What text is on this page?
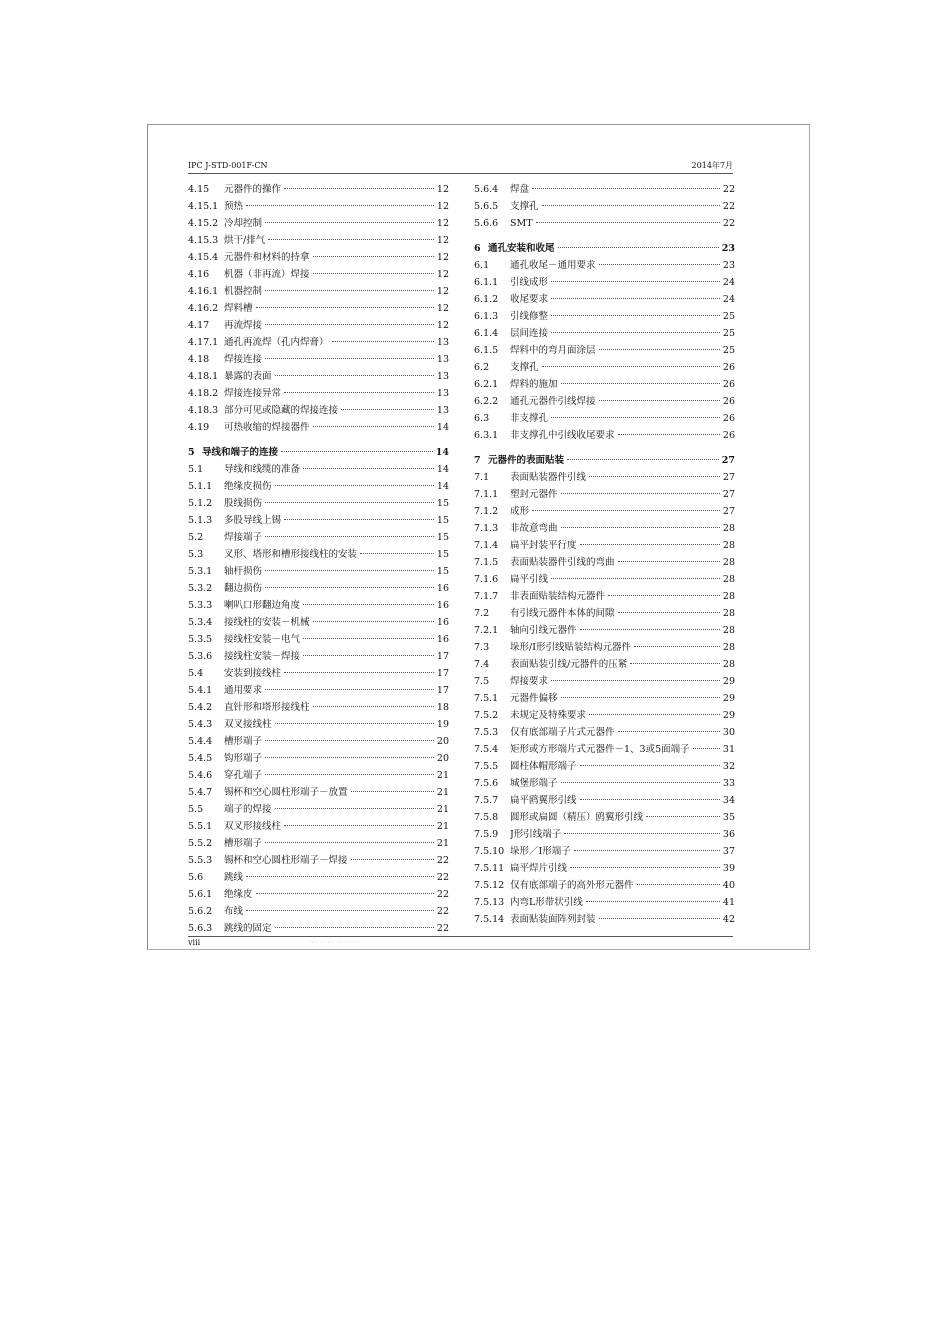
IPC J-STD-001F-CN	2014年7月
4.15	元器件的操作	12
4.15.1 预热	12
4.15.2 冷却控制	12
4.15.3 烘干/排气	12
4.15.4 元器件和材料的持拿	12
4.16	机器（非再流）焊接	12
4.16.1 机器控制	12
4.16.2 焊料槽	12
4.17	再流焊接	12
4.17.1 通孔再流焊（孔内焊膏）	13
4.18	焊接连接	13
4.18.1 暴露的表面	13
4.18.2 焊接连接异常	13
4.18.3 部分可见或隐藏的焊接连接	13
4.19	可热收缩的焊接器件	14
5 导线和端子的连接	14
5.1	导线和线缆的准备	14
5.1.1	绝缘皮损伤	14
5.1.2	股线损伤	15
5.1.3	多股导线上锡	15
5.2	焊接端子	15
5.3	叉形、塔形和槽形接线柱的安装	15
5.3.1	轴杆损伤	15
5.3.2	翻边损伤	16
5.3.3	喇叭口形翻边角度	16
5.3.4	接线柱的安装－机械	16
5.3.5	接线柱安装－电气	16
5.3.6	接线柱安装－焊接	17
5.4	安装到接线柱	17
5.4.1	通用要求	17
5.4.2	直针形和塔形接线柱	18
5.4.3	双叉接线柱	19
5.4.4	槽形端子	20
5.4.5	钩形端子	20
5.4.6	穿孔端子	21
5.4.7	锡杯和空心圆柱形端子－放置	21
5.5	端子的焊接	21
5.5.1	双叉形接线柱	21
5.5.2	槽形端子	21
5.5.3	锡杯和空心圆柱形端子－焊接	22
5.6	跳线	22
5.6.1	绝缘皮	22
5.6.2	布线	22
5.6.3	跳线的固定	22
5.6.4	焊盘	22
5.6.5	支撑孔	22
5.6.6	SMT	22
6 通孔安装和收尾	23
6.1	通孔收尾－通用要求	23
6.1.1	引线成形	24
6.1.2	收尾要求	24
6.1.3	引线修整	25
6.1.4	层间连接	25
6.1.5	焊料中的弯月面涂层	25
6.2	支撑孔	26
6.2.1	焊料的施加	26
6.2.2	通孔元器件引线焊接	26
6.3	非支撑孔	26
6.3.1	非支撑孔中引线收尾要求	26
7 元器件的表面贴装	27
7.1	表面贴装器件引线	27
7.1.1	塑封元器件	27
7.1.2	成形	27
7.1.3	非故意弯曲	28
7.1.4	扁平封装平行度	28
7.1.5	表面贴装器件引线的弯曲	28
7.1.6	扁平引线	28
7.1.7	非表面贴装结构元器件	28
7.2	有引线元器件本体的间隙	28
7.2.1	轴向引线元器件	28
7.3	垛形/I形引线贴装结构元器件	28
7.4	表面贴装引线/元器件的压紧	28
7.5	焊接要求	29
7.5.1	元器件偏移	29
7.5.2	未规定及特殊要求	29
7.5.3	仅有底部端子片式元器件	30
7.5.4	矩形或方形端片式元器件－1、3或5面端子	31
7.5.5	圆柱体帽形端子	32
7.5.6	城堡形端子	33
7.5.7	扁平鸥翼形引线	34
7.5.8	圆形或扁圆（精压）鸥翼形引线	35
7.5.9	J形引线端子	36
7.5.10 垛形／I形端子	37
7.5.11 扁平焊片引线	39
7.5.12 仅有底部端子的高外形元器件	40
7.5.13 内弯L形带状引线	41
7.5.14 表面贴装面阵列封装	42
viii	··:··. :· ·:··. :·:·.·:·.·:··
